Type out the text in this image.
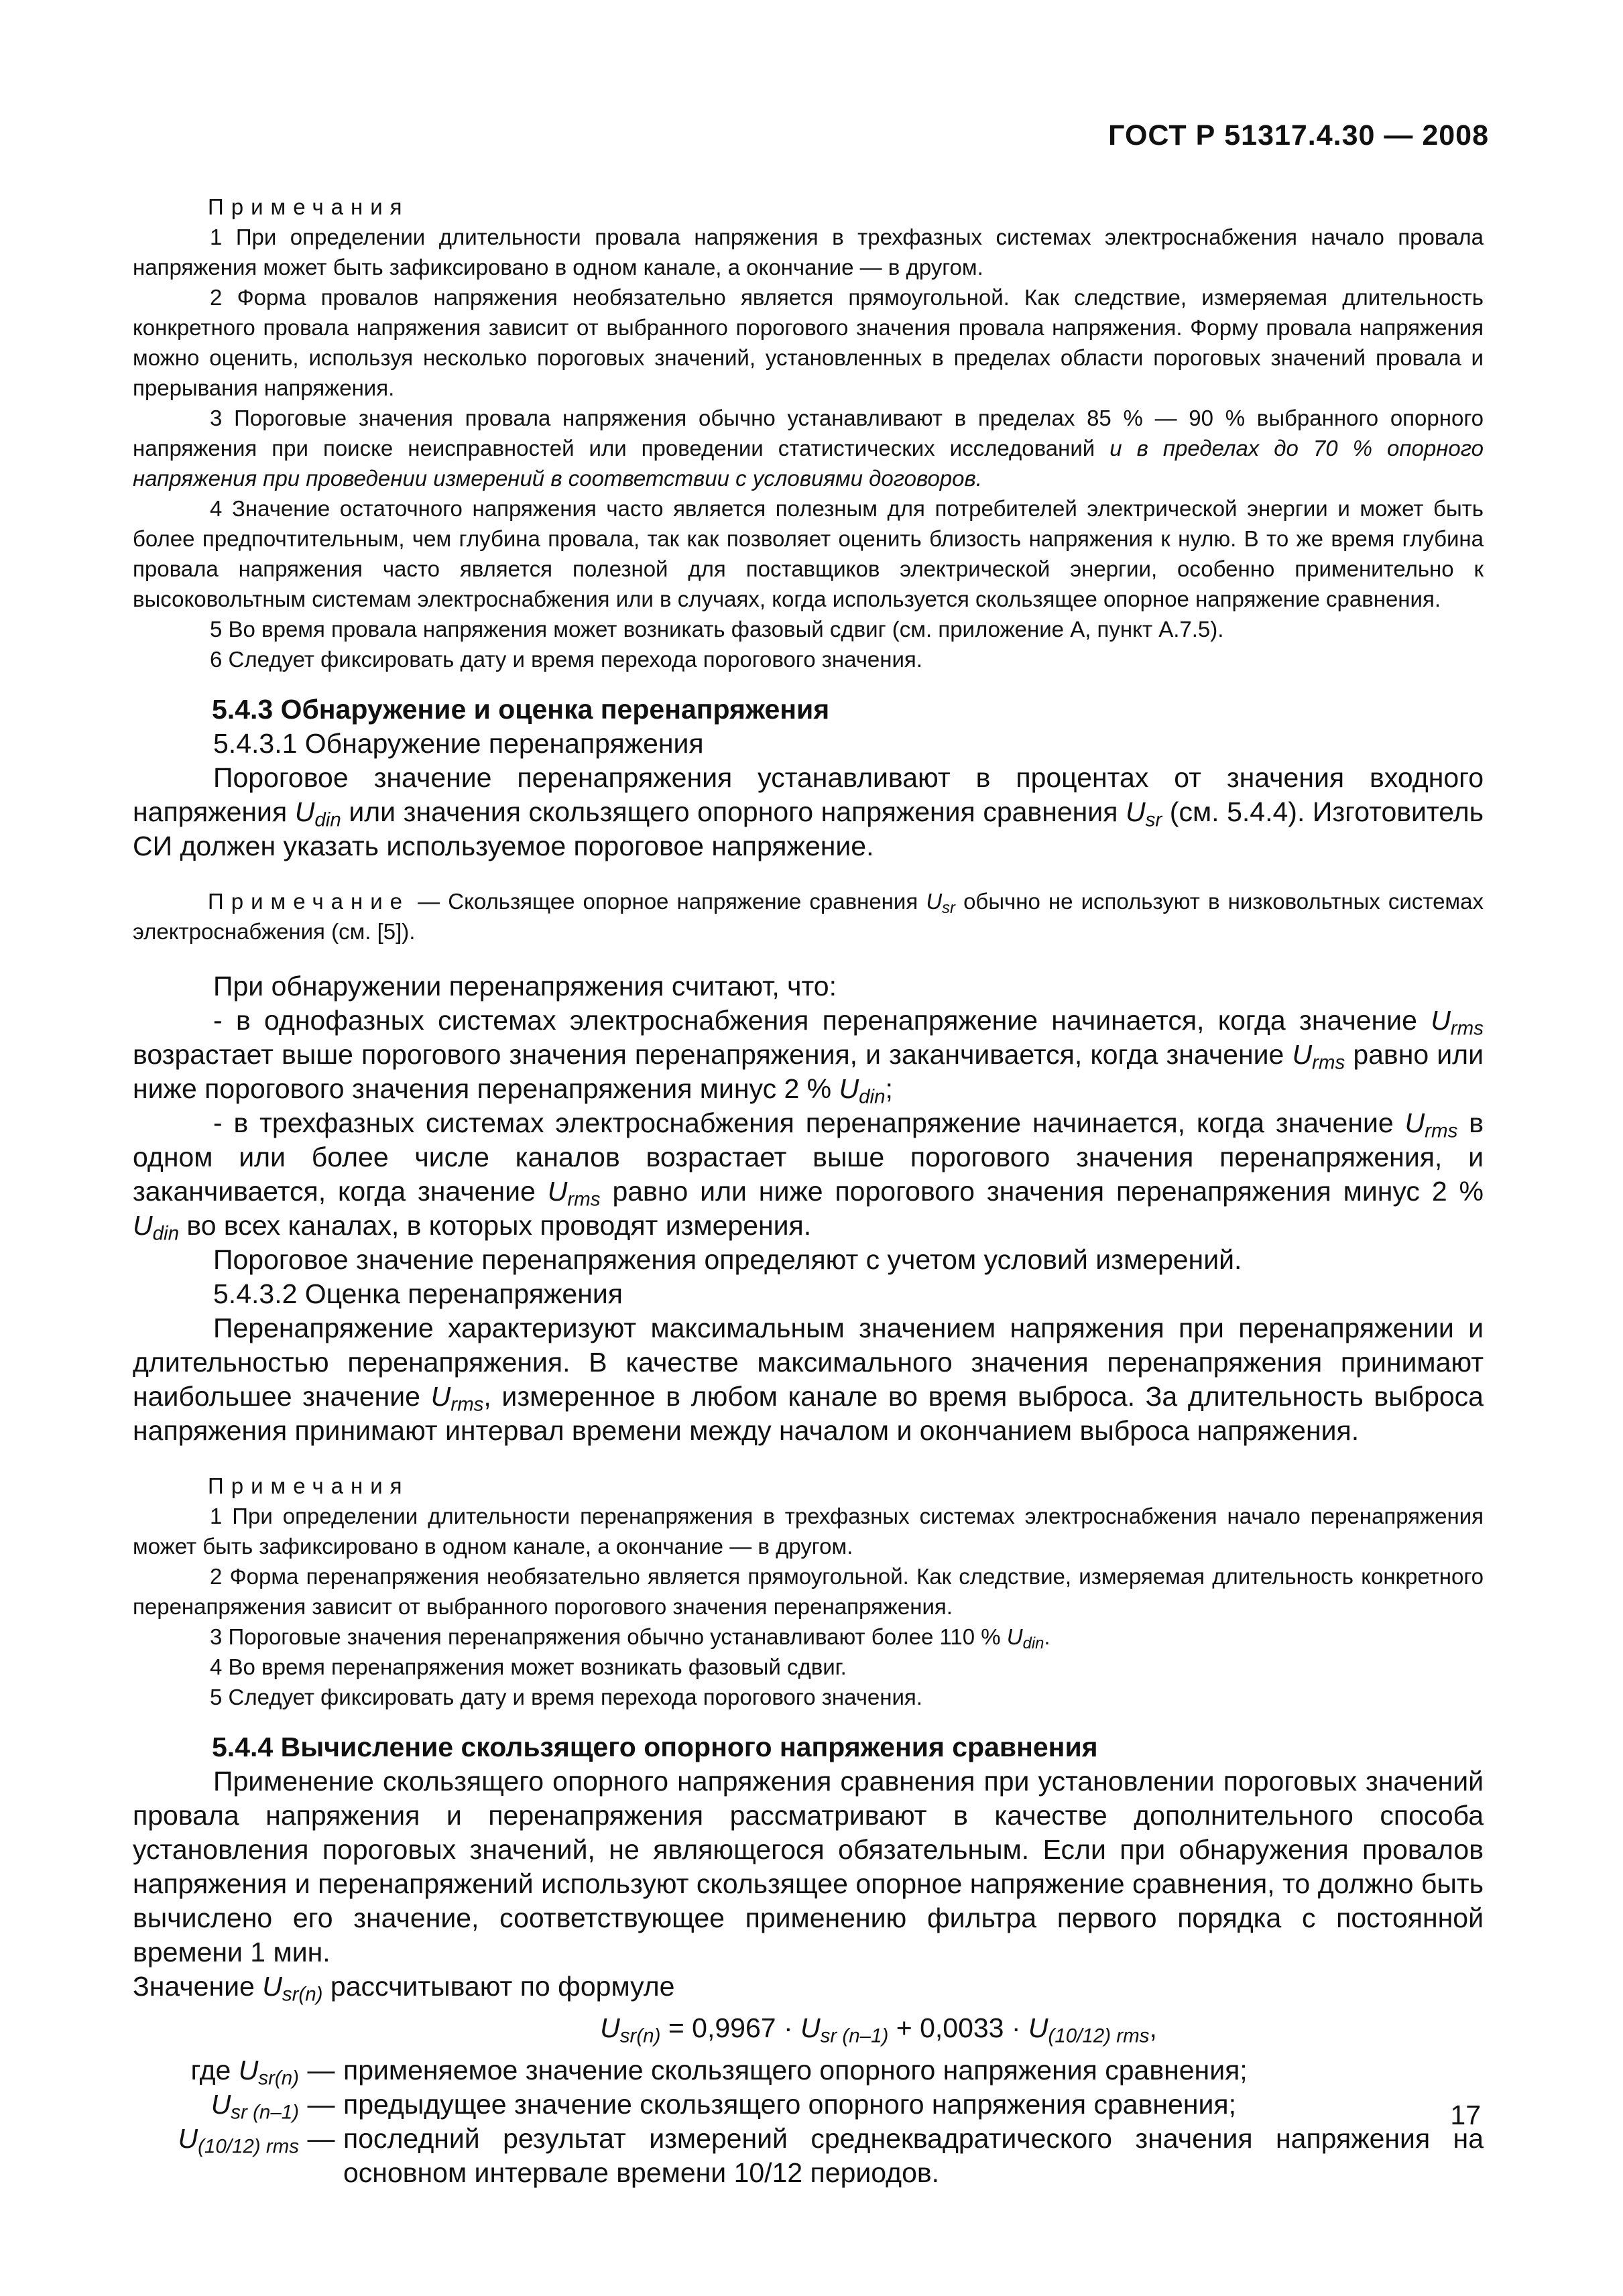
ГОСТ Р 51317.4.30 — 2008
Примечания
1 При определении длительности провала напряжения в трехфазных системах электроснабжения начало провала напряжения может быть зафиксировано в одном канале, а окончание — в другом.
2 Форма провалов напряжения необязательно является прямоугольной. Как следствие, измеряемая длительность конкретного провала напряжения зависит от выбранного порогового значения провала напряжения. Форму провала напряжения можно оценить, используя несколько пороговых значений, установленных в пределах области пороговых значений провала и прерывания напряжения.
3 Пороговые значения провала напряжения обычно устанавливают в пределах 85 % — 90 % выбранного опорного напряжения при поиске неисправностей или проведении статистических исследований и в пределах до 70 % опорного напряжения при проведении измерений в соответствии с условиями договоров.
4 Значение остаточного напряжения часто является полезным для потребителей электрической энергии и может быть более предпочтительным, чем глубина провала, так как позволяет оценить близость напряжения к нулю. В то же время глубина провала напряжения часто является полезной для поставщиков электрической энергии, особенно применительно к высоковольтным системам электроснабжения или в случаях, когда используется скользящее опорное напряжение сравнения.
5 Во время провала напряжения может возникать фазовый сдвиг (см. приложение А, пункт А.7.5).
6 Следует фиксировать дату и время перехода порогового значения.
5.4.3 Обнаружение и оценка перенапряжения
5.4.3.1 Обнаружение перенапряжения
Пороговое значение перенапряжения устанавливают в процентах от значения входного напряжения $U_{din}$ или значения скользящего опорного напряжения сравнения $U_{sr}$ (см. 5.4.4). Изготовитель СИ должен указать используемое пороговое напряжение.
Примечание — Скользящее опорное напряжение сравнения $U_{sr}$ обычно не используют в низковольтных системах электроснабжения (см. [5]).
При обнаружении перенапряжения считают, что:
- в однофазных системах электроснабжения перенапряжение начинается, когда значение $U_{rms}$ возрастает выше порогового значения перенапряжения, и заканчивается, когда значение $U_{rms}$ равно или ниже порогового значения перенапряжения минус 2 % $U_{din}$;
- в трехфазных системах электроснабжения перенапряжение начинается, когда значение $U_{rms}$ в одном или более числе каналов возрастает выше порогового значения перенапряжения, и заканчивается, когда значение $U_{rms}$ равно или ниже порогового значения перенапряжения минус 2 % $U_{din}$ во всех каналах, в которых проводят измерения.
Пороговое значение перенапряжения определяют с учетом условий измерений.
5.4.3.2 Оценка перенапряжения
Перенапряжение характеризуют максимальным значением напряжения при перенапряжении и длительностью перенапряжения. В качестве максимального значения перенапряжения принимают наибольшее значение $U_{rms}$, измеренное в любом канале во время выброса. За длительность выброса напряжения принимают интервал времени между началом и окончанием выброса напряжения.
Примечания
1 При определении длительности перенапряжения в трехфазных системах электроснабжения начало перенапряжения может быть зафиксировано в одном канале, а окончание — в другом.
2 Форма перенапряжения необязательно является прямоугольной. Как следствие, измеряемая длительность конкретного перенапряжения зависит от выбранного порогового значения перенапряжения.
3 Пороговые значения перенапряжения обычно устанавливают более 110 % $U_{din}$.
4 Во время перенапряжения может возникать фазовый сдвиг.
5 Следует фиксировать дату и время перехода порогового значения.
5.4.4 Вычисление скользящего опорного напряжения сравнения
Применение скользящего опорного напряжения сравнения при установлении пороговых значений провала напряжения и перенапряжения рассматривают в качестве дополнительного способа установления пороговых значений, не являющегося обязательным. Если при обнаружения провалов напряжения и перенапряжений используют скользящее опорное напряжение сравнения, то должно быть вычислено его значение, соответствующее применению фильтра первого порядка с постоянной времени 1 мин.
Значение $U_{sr(n)}$ рассчитывают по формуле
$U_{sr(n)} = 0,9967 \cdot U_{sr (n-1)} + 0,0033 \cdot U_{(10/12) rms}$,
где $U_{sr(n)}$ — применяемое значение скользящего опорного напряжения сравнения;
$U_{sr (n-1)}$ — предыдущее значение скользящего опорного напряжения сравнения;
$U_{(10/12) rms}$ — последний результат измерений среднеквадратического значения напряжения на основном интервале времени 10/12 периодов.
17
